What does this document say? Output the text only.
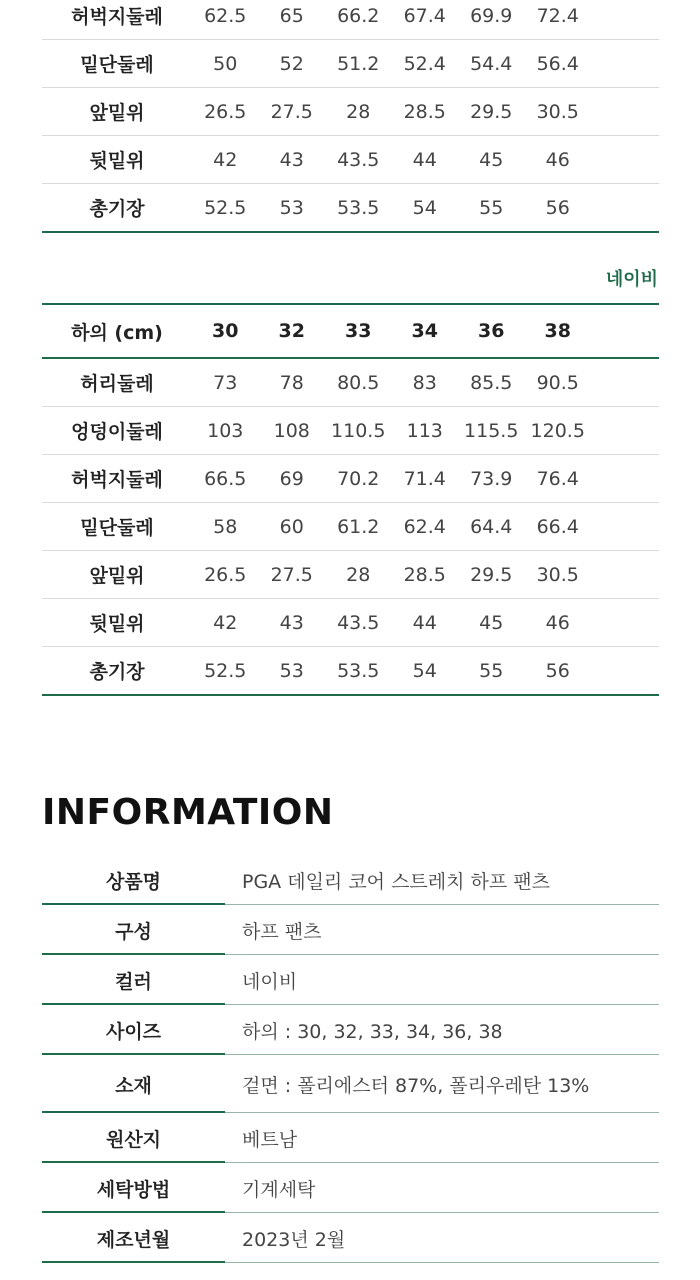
허벅지둘레	62.5	65	66.2	67.4	69.9	72.4
밑단둘레	50	52	51.2	52.4	54.4	56.4
앞밑위	26.5	27.5	28	28.5	29.5	30.5
뒷밑위	42	43	43.5	44	45	46
총기장	52.5	53	53.5	54	55	56
네이비
하의 (cm)	30	32	33	34	36	38
허리둘레	73	78	80.5	83	85.5	90.5
엉덩이둘레	103	108	110.5	113	115.5 120.5
허벅지둘레	66.5	69	70.2	71.4	73.9	76.4
밑단둘레	58	60	61.2	62.4	64.4	66.4
앞밑위	26.5	27.5	28	28.5	29.5	30.5
뒷밑위	42	43	43.5	44	45	46
총기장	52.5	53	53.5	54	55	56
INFORMATION
상품명	PGA 데일리 코어 스트레치 하프 팬츠
구성	하프 팬츠
컬러	네이비
사이즈	하의 : 30, 32, 33, 34, 36, 38
소재	겉면 : 폴리에스터 87%, 폴리우레탄 13%
원산지	베트남
세탁방법	기계세탁
제조년월	2023년 2월
